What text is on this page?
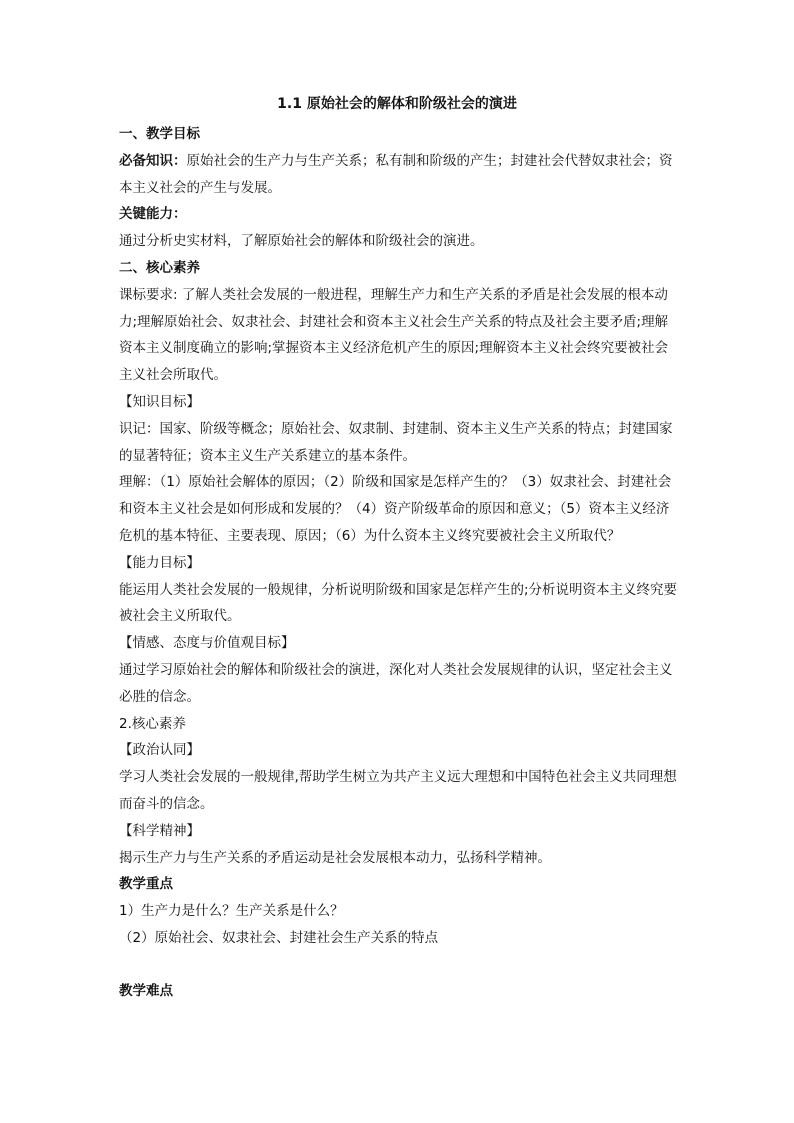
1.1 原始社会的解体和阶级社会的演进

一、教学目标

必备知识：原始社会的生产力与生产关系；私有制和阶级的产生；封建社会代替奴隶社会；资本主义社会的产生与发展。

关键能力：

通过分析史实材料，了解原始社会的解体和阶级社会的演进。

二、核心素养

课标要求: 了解人类社会发展的一般进程，理解生产力和生产关系的矛盾是社会发展的根本动力;理解原始社会、奴隶社会、封建社会和资本主义社会生产关系的特点及社会主要矛盾;理解资本主义制度确立的影响;掌握资本主义经济危机产生的原因;理解资本主义社会终究要被社会主义社会所取代。

【知识目标】

识记：国家、阶级等概念；原始社会、奴隶制、封建制、资本主义生产关系的特点；封建国家的显著特征；资本主义生产关系建立的基本条件。

理解：（1）原始社会解体的原因；（2）阶级和国家是怎样产生的？（3）奴隶社会、封建社会和资本主义社会是如何形成和发展的？（4）资产阶级革命的原因和意义；（5）资本主义经济危机的基本特征、主要表现、原因；（6）为什么资本主义终究要被社会主义所取代？

【能力目标】

能运用人类社会发展的一般规律，分析说明阶级和国家是怎样产生的;分析说明资本主义终究要被社会主义所取代。

【情感、态度与价值观目标】

通过学习原始社会的解体和阶级社会的演进，深化对人类社会发展规律的认识，坚定社会主义必胜的信念。

2.核心素养

【政治认同】

学习人类社会发展的一般规律,帮助学生树立为共产主义远大理想和中国特色社会主义共同理想而奋斗的信念。

【科学精神】

揭示生产力与生产关系的矛盾运动是社会发展根本动力，弘扬科学精神。

教学重点

1）生产力是什么？生产关系是什么？

（2）原始社会、奴隶社会、封建社会生产关系的特点

教学难点
